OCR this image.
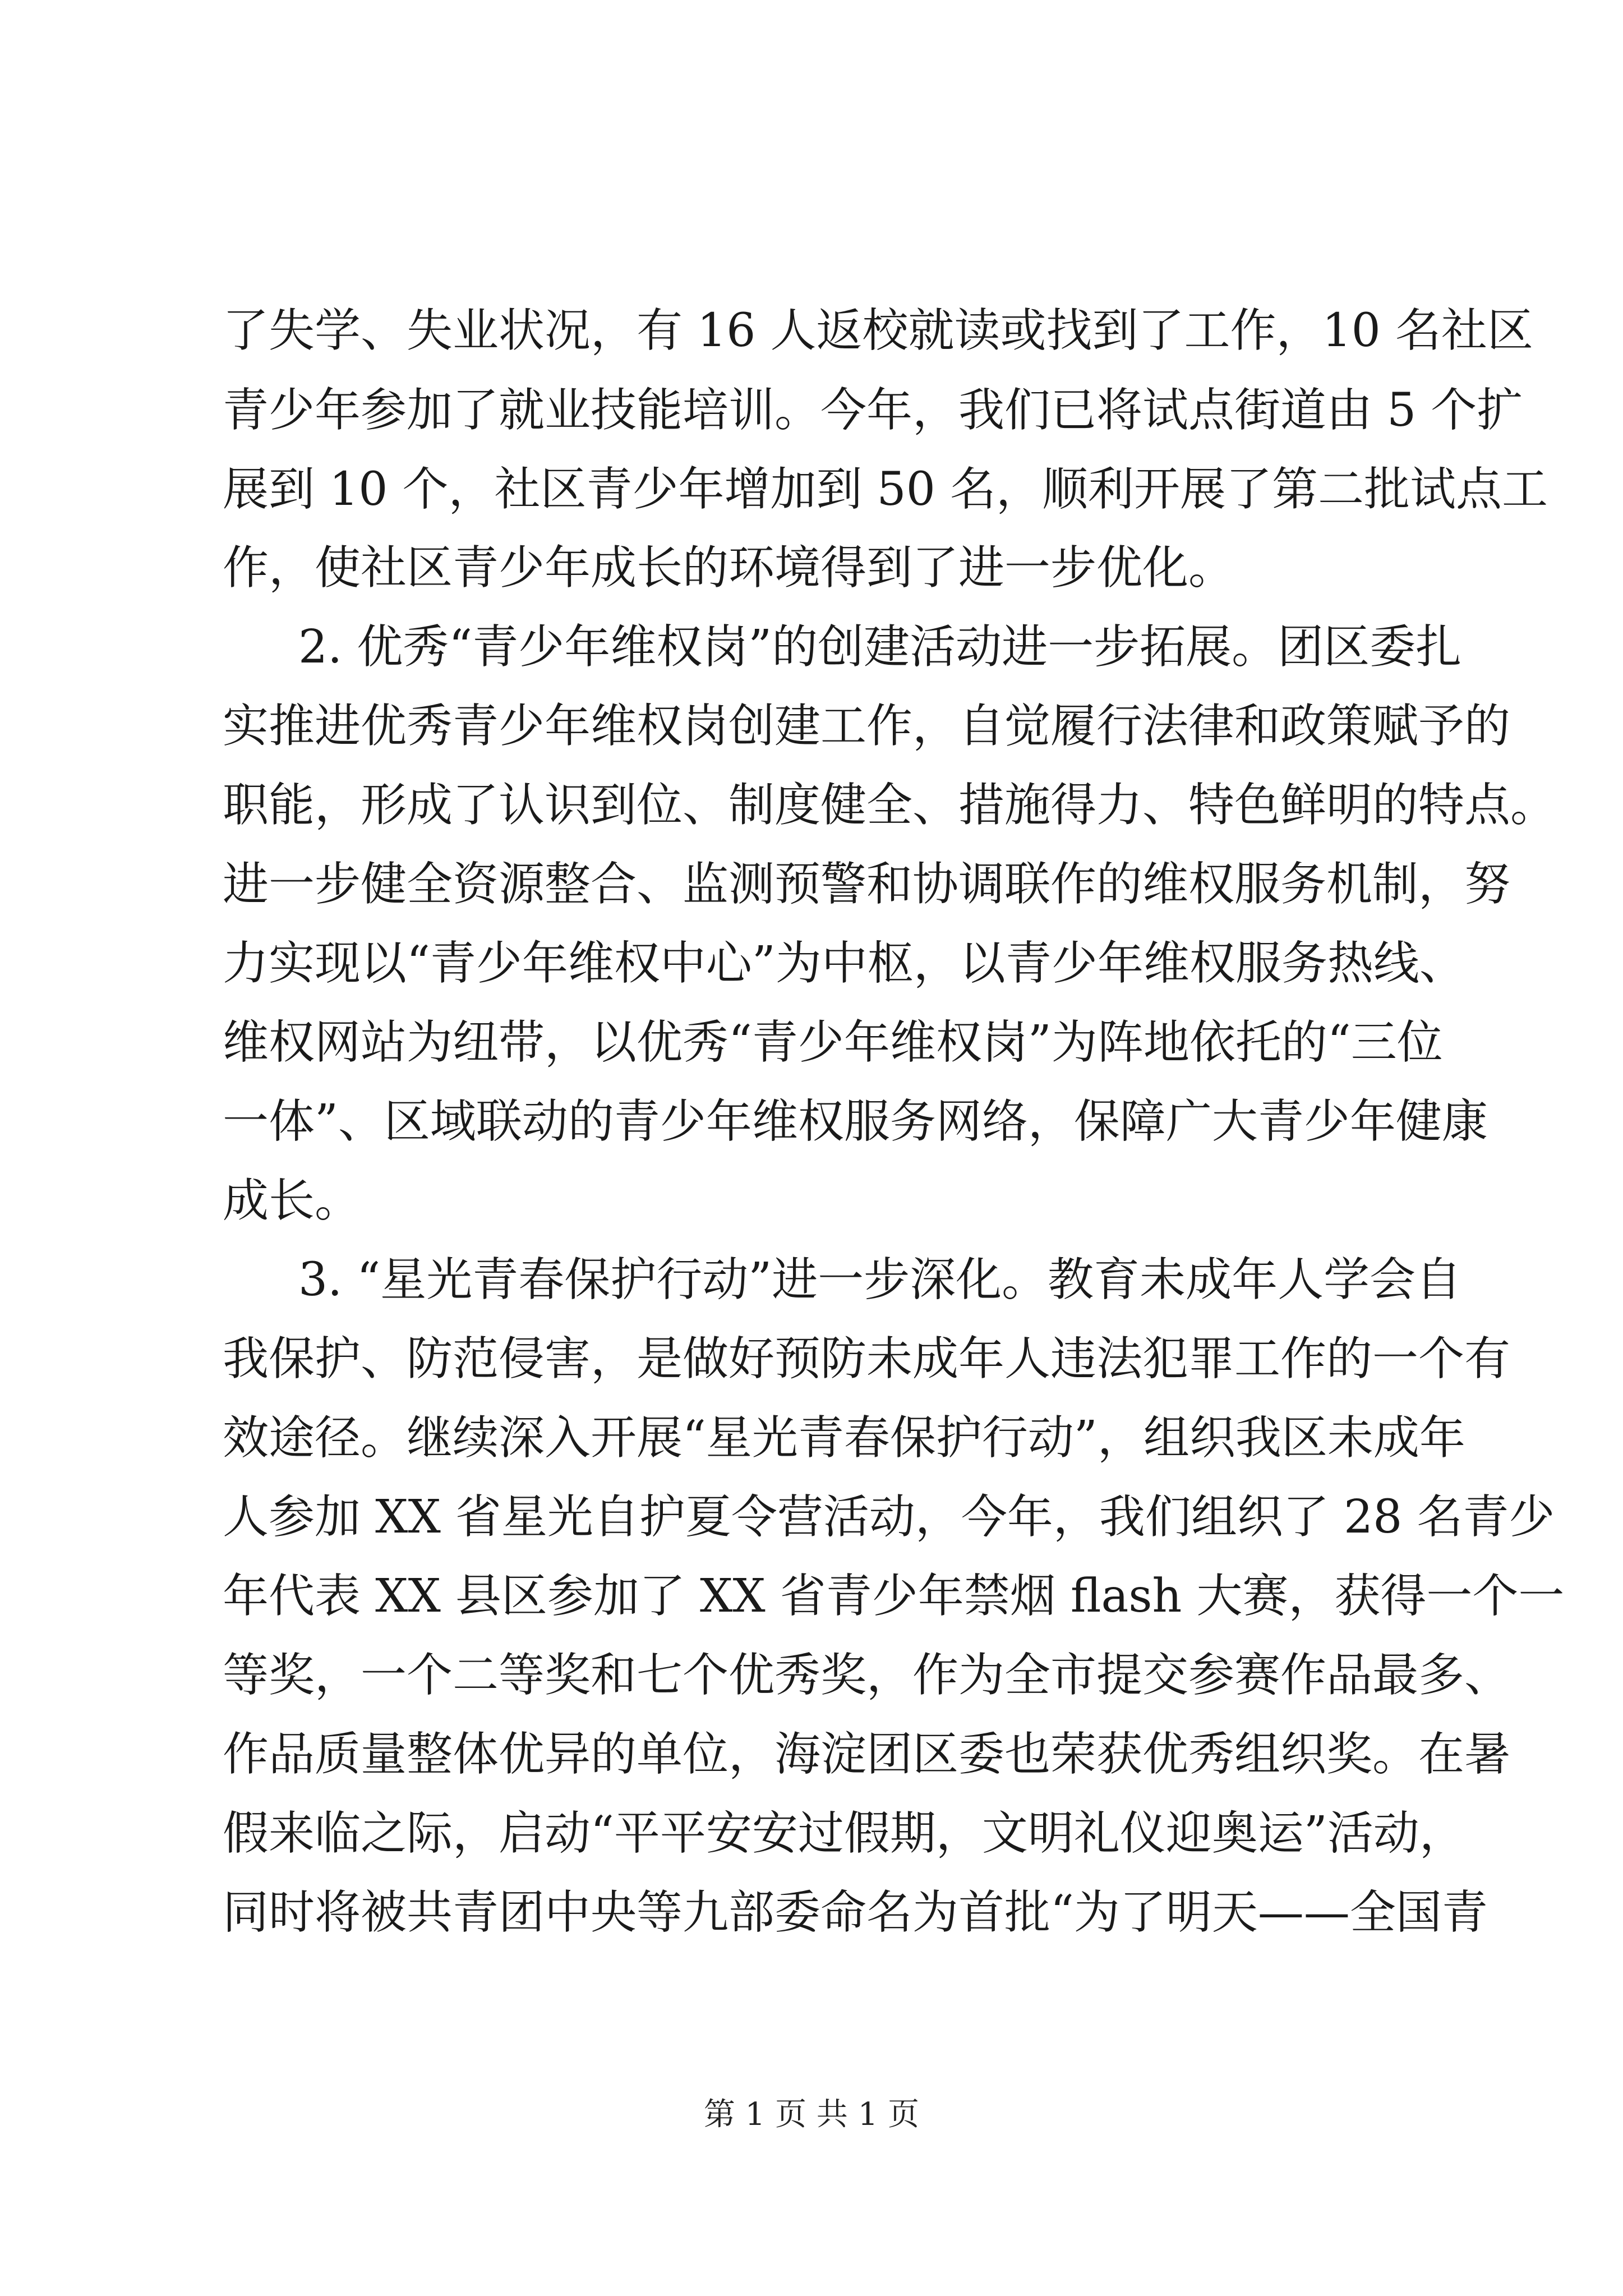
了失学、失业状况，有 16 人返校就读或找到了工作，10 名社区
青少年参加了就业技能培训。今年，我们已将试点街道由 5 个扩
展到 10 个，社区青少年增加到 50 名，顺利开展了第二批试点工
作，使社区青少年成长的环境得到了进一步优化。
2. 优秀“青少年维权岗”的创建活动进一步拓展。团区委扎
实推进优秀青少年维权岗创建工作，自觉履行法律和政策赋予的
职能，形成了认识到位、制度健全、措施得力、特色鲜明的特点。
进一步健全资源整合、监测预警和协调联作的维权服务机制，努
力实现以“青少年维权中心”为中枢，以青少年维权服务热线、
维权网站为纽带，以优秀“青少年维权岗”为阵地依托的“三位
一体”、区域联动的青少年维权服务网络，保障广大青少年健康
成长。
3. “星光青春保护行动”进一步深化。教育未成年人学会自
我保护、防范侵害，是做好预防未成年人违法犯罪工作的一个有
效途径。继续深入开展“星光青春保护行动”，组织我区未成年
人参加 XX 省星光自护夏令营活动，今年，我们组织了 28 名青少
年代表 XX 县区参加了 XX 省青少年禁烟 flash 大赛，获得一个一
等奖，一个二等奖和七个优秀奖，作为全市提交参赛作品最多、
作品质量整体优异的单位，海淀团区委也荣获优秀组织奖。在暑
假来临之际，启动“平平安安过假期，文明礼仪迎奥运”活动，
同时将被共青团中央等九部委命名为首批“为了明天——全国青
第 1 页 共 1 页
